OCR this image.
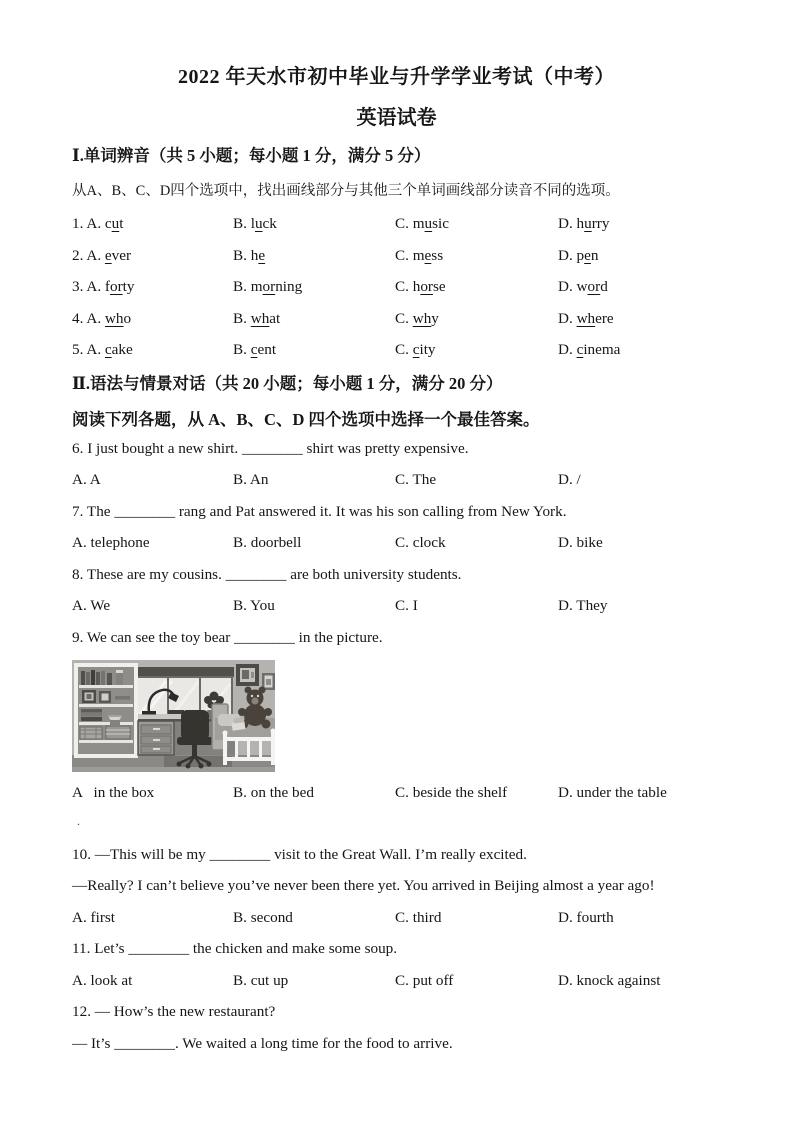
2022 年天水市初中毕业与升学学业考试（中考）
英语试卷
Ⅰ.单词辨音（共 5 小题；每小题 1 分，满分 5 分）
从A、B、C、D四个选项中，找出画线部分与其他三个单词画线部分读音不同的选项。
1. A. cut	B. luck	C. music	D. hurry
2. A. ever	B. he	C. mess	D. pen
3. A. forty	B. morning	C. horse	D. word
4. A. who	B. what	C. why	D. where
5. A. cake	B. cent	C. city	D. cinema
Ⅱ.语法与情景对话（共 20 小题；每小题 1 分，满分 20 分）
阅读下列各题，从 A、B、C、D 四个选项中选择一个最佳答案。
6. I just bought a new shirt. ________ shirt was pretty expensive.
A. A	B. An	C. The	D. /
7. The ________ rang and Pat answered it. It was his son calling from New York.
A. telephone	B. doorbell	C. clock	D. bike
8. These are my cousins. ________ are both university students.
A. We	B. You	C. I	D. They
9. We can see the toy bear ________ in the picture.
A   in the box	B. on the bed	C. beside the shelf	D. under the table
.
10. —This will be my ________ visit to the Great Wall. I’m really excited.
—Really? I can’t believe you’ve never been there yet. You arrived in Beijing almost a year ago!
A. first	B. second	C. third	D. fourth
11. Let’s ________ the chicken and make some soup.
A. look at	B. cut up	C. put off	D. knock against
12. — How’s the new restaurant?
— It’s ________. We waited a long time for the food to arrive.
